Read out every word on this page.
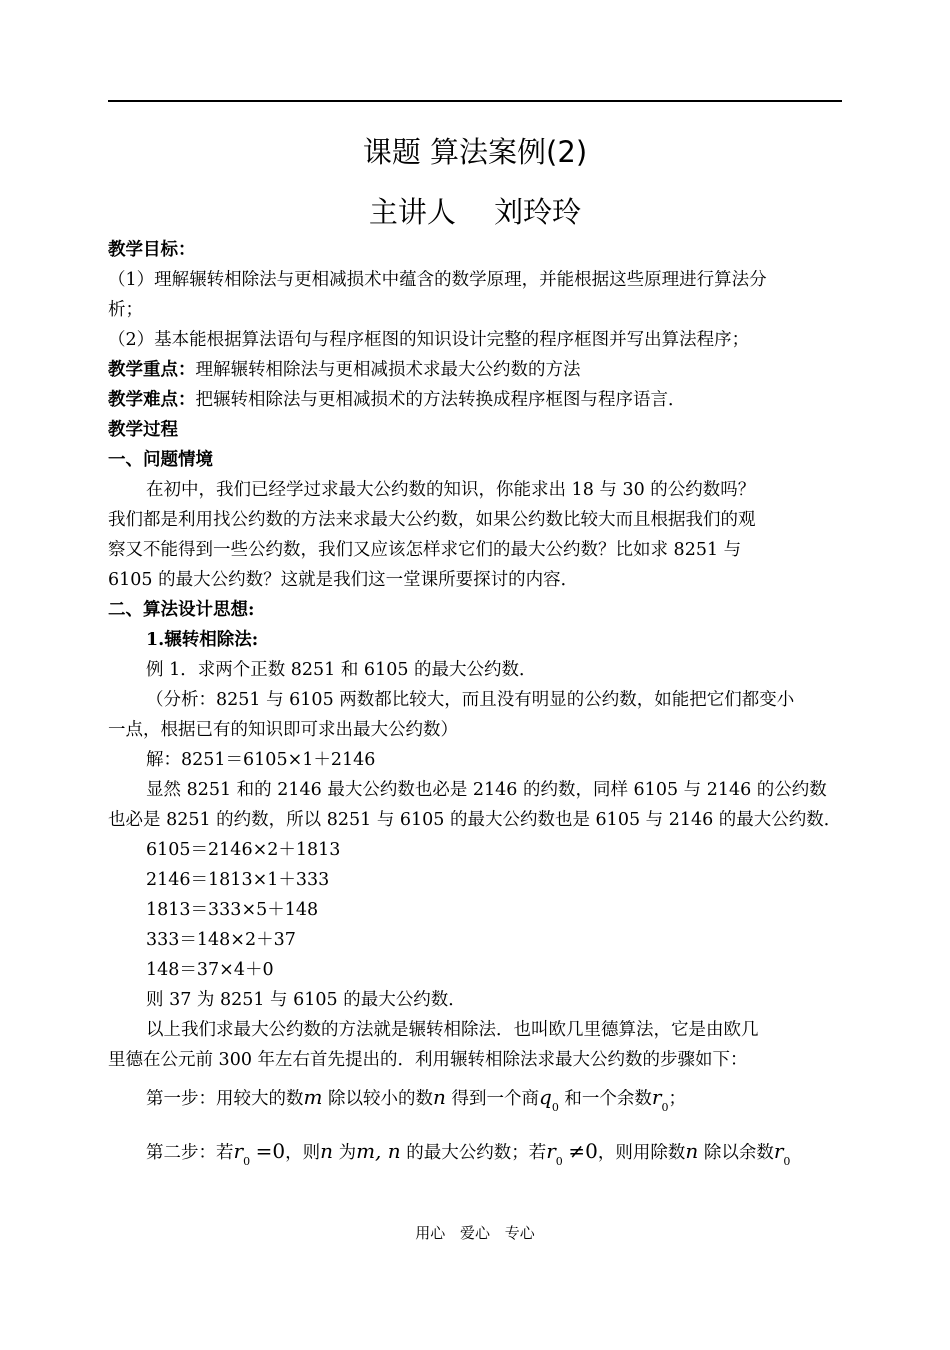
课题 算法案例(2)
主讲人　 刘玲玲
教学目标：
（1）理解辗转相除法与更相减损术中蕴含的数学原理，并能根据这些原理进行算法分
析；
（2）基本能根据算法语句与程序框图的知识设计完整的程序框图并写出算法程序；
教学重点：理解辗转相除法与更相减损术求最大公约数的方法
教学难点：把辗转相除法与更相减损术的方法转换成程序框图与程序语言．
教学过程
一、问题情境
在初中，我们已经学过求最大公约数的知识，你能求出 18 与 30 的公约数吗？
我们都是利用找公约数的方法来求最大公约数，如果公约数比较大而且根据我们的观
察又不能得到一些公约数，我们又应该怎样求它们的最大公约数？比如求 8251 与
6105 的最大公约数？这就是我们这一堂课所要探讨的内容．
二、算法设计思想:
1.辗转相除法:
例 1．求两个正数 8251 和 6105 的最大公约数．
（分析：8251 与 6105 两数都比较大，而且没有明显的公约数，如能把它们都变小
一点，根据已有的知识即可求出最大公约数）
解：8251＝6105×1＋2146
显然 8251 和的 2146 最大公约数也必是 2146 的约数，同样 6105 与 2146 的公约数
也必是 8251 的约数，所以 8251 与 6105 的最大公约数也是 6105 与 2146 的最大公约数．
6105＝2146×2＋1813
2146＝1813×1＋333
1813＝333×5＋148
333＝148×2＋37
148＝37×4＋0
则 37 为 8251 与 6105 的最大公约数．
以上我们求最大公约数的方法就是辗转相除法．也叫欧几里德算法，它是由欧几
里德在公元前 300 年左右首先提出的．利用辗转相除法求最大公约数的步骤如下：
第一步：用较大的数m 除以较小的数n 得到一个商$q_0$ 和一个余数$r_0$；
第二步：若$r_0 =0$，则n 为m, n 的最大公约数；若$r_0 \ne 0$，则用除数n 除以余数$r_0$
用心 爱心 专心
